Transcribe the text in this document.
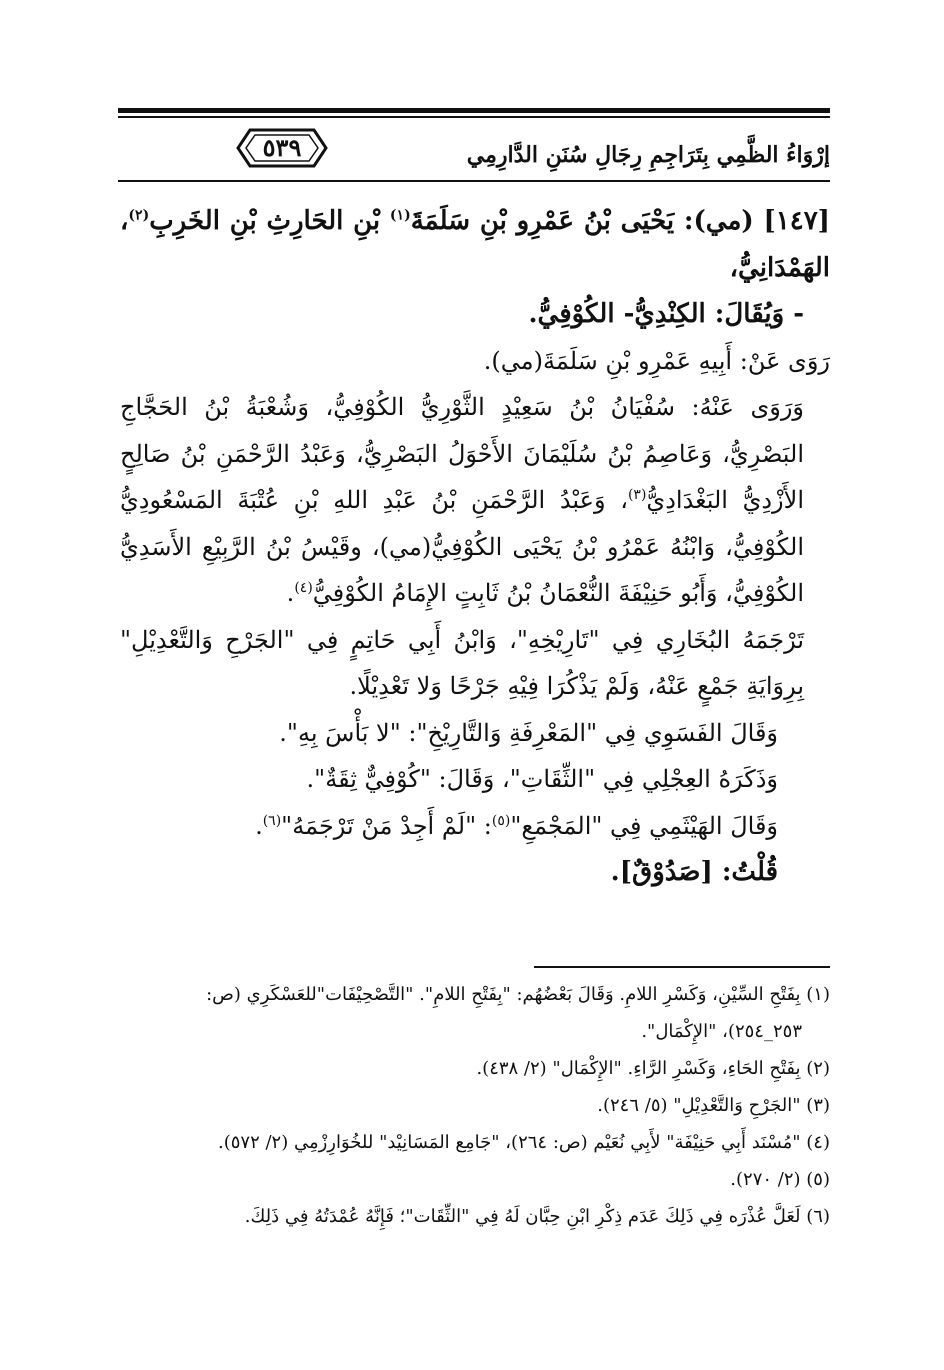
٥٣٩	إرْوَاءُ الظَّمِي بِتَرَاجِمِ رِجَالِ سُنَنِ الدَّارِمِي

[١٤٧] (مي): يَحْيَى بْنُ عَمْرِو بْنِ سَلَمَةَ$^{(١)}$ بْنِ الحَارِثِ بْنِ الخَرِبِ$^{(٢)}$، الهَمْدَانِيُّ،

- وَيُقَالَ: الكِنْدِيُّ- الكُوْفِيُّ.

رَوَى عَنْ: أَبِيهِ عَمْرِو بْنِ سَلَمَةَ(مي).

وَرَوَى عَنْهُ: سُفْيَانُ بْنُ سَعِيْدٍ الثَّوْرِيُّ الكُوْفِيُّ، وَشُعْبَةُ بْنُ الحَجَّاجِ البَصْرِيُّ، وَعَاصِمُ بْنُ سُلَيْمَانَ الأَحْوَلُ البَصْرِيُّ، وَعَبْدُ الرَّحْمَنِ بْنُ صَالِحٍ الأَزْدِيُّ البَغْدَادِيُّ$^{(٣)}$، وَعَبْدُ الرَّحْمَنِ بْنُ عَبْدِ اللهِ بْنِ عُتْبَةَ المَسْعُودِيُّ الكُوْفِيُّ، وَابْنُهُ عَمْرُو بْنُ يَحْيَى الكُوْفِيُّ(مي)، وقَيْسُ بْنُ الرَّبِيْعِ الأَسَدِيُّ الكُوْفِيُّ، وَأَبُو حَنِيْفَةَ النُّعْمَانُ بْنُ ثَابِتٍ الإِمَامُ الكُوْفِيُّ$^{(٤)}$.

تَرْجَمَهُ البُخَارِي فِي "تَارِيْخِهِ"، وَابْنُ أَبِي حَاتِمٍ فِي "الجَرْحِ وَالتَّعْدِيْلِ" بِرِوَايَةِ جَمْعٍ عَنْهُ، وَلَمْ يَذْكُرَا فِيْهِ جَرْحًا وَلا تَعْدِيْلًا.

وَقَالَ الفَسَوِي فِي "المَعْرِفَةِ وَالتَّارِيْخِ": "لا بَأْسَ بِهِ".

وَذَكَرَهُ العِجْلِي فِي "الثِّقَاتِ"، وَقَالَ: "كُوْفِيٌّ ثِقَةٌ".

وَقَالَ الهَيْثَمِي فِي "المَجْمَعِ"$^{(٥)}$: "لَمْ أَجِدْ مَنْ تَرْجَمَهُ"$^{(٦)}$.

قُلْتُ: [صَدُوْقٌ].

(١) بِفَتْحِ السِّيْنِ، وَكَسْرِ اللامِ. وَقَالَ بَعْضُهُم: "بِفَتْحِ اللامِ". "التَّصْحِيْفَات"للعَسْكَرِي (ص:

٢٥٣_٢٥٤)، "الإِكْمَال".

(٢) بِفَتْحِ الحَاءِ، وَكَسْرِ الرَّاءِ. "الإِكْمَال" (٢/ ٤٣٨).

(٣) "الجَرْحِ وَالتَّعْدِيْلِ" (٥/ ٢٤٦).

(٤) "مُسْنَد أَبِي حَنِيْفَة" لأَبِي نُعَيْم (ص: ٢٦٤)، "جَامِع المَسَانِيْد" للخُوَارِزْمِي (٢/ ٥٧٢).

(٥) (٢/ ٢٧٠).

(٦) لَعَلَّ عُذْرَه فِي ذَلِكَ عَدَم ذِكْرِ ابْنِ حِبَّان لَهُ فِي "الثِّقَات"؛ فَإِنَّهُ عُمْدَتُهُ فِي ذَلِكَ.
